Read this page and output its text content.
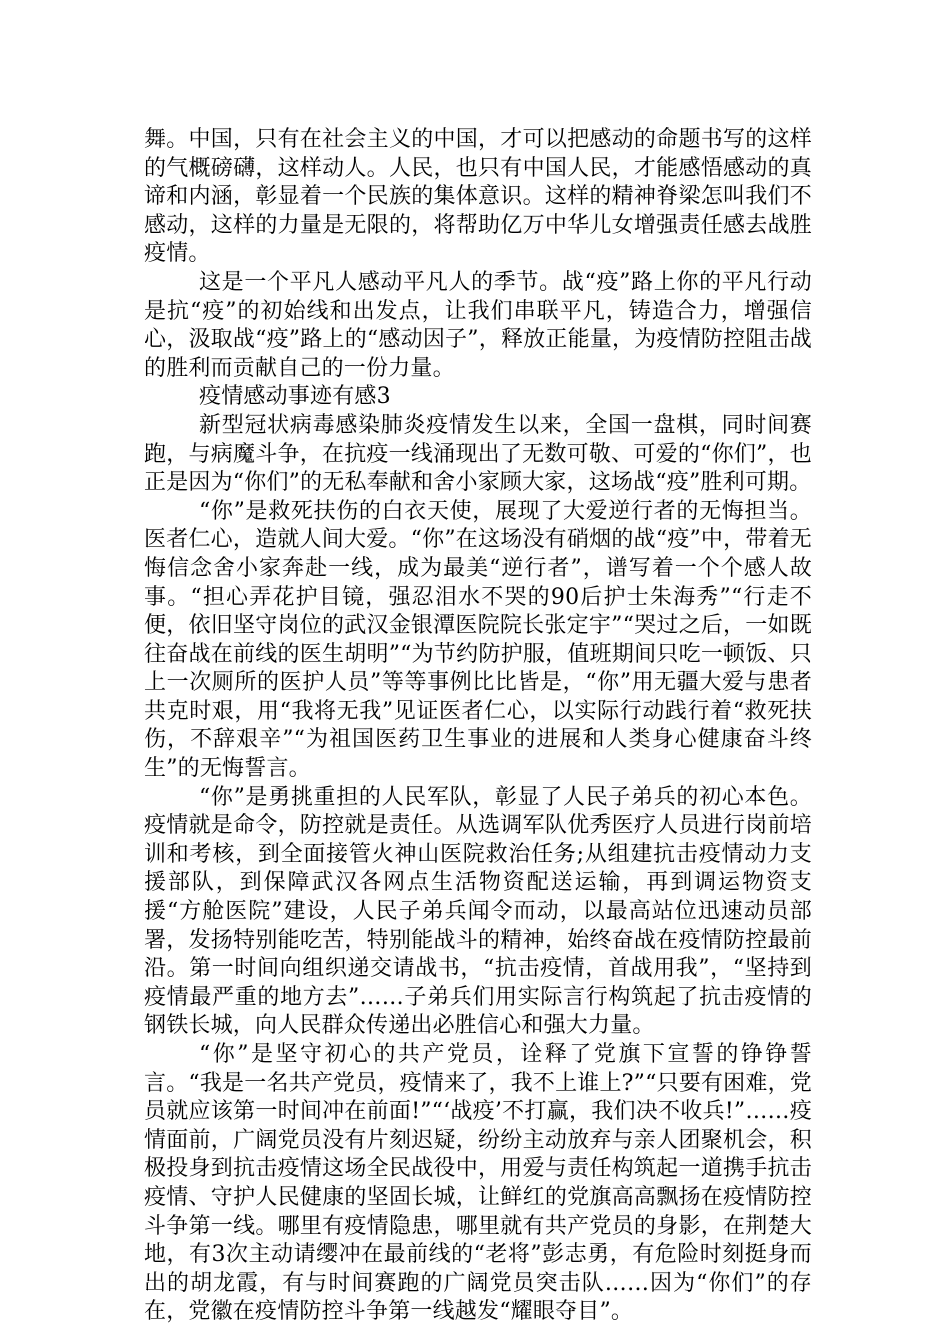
舞。中国，只有在社会主义的中国，才可以把感动的命题书写的这样的气概磅礴，这样动人。人民，也只有中国人民，才能感悟感动的真谛和内涵，彰显着一个民族的集体意识。这样的精神脊梁怎叫我们不感动，这样的力量是无限的，将帮助亿万中华儿女增强责任感去战胜疫情。

这是一个平凡人感动平凡人的季节。战“疫”路上你的平凡行动是抗“疫”的初始线和出发点，让我们串联平凡，铸造合力，增强信心，汲取战“疫”路上的“感动因子”，释放正能量，为疫情防控阻击战的胜利而贡献自己的一份力量。

疫情感动事迹有感3

新型冠状病毒感染肺炎疫情发生以来，全国一盘棋，同时间赛跑，与病魔斗争，在抗疫一线涌现出了无数可敬、可爱的“你们”，也正是因为“你们”的无私奉献和舍小家顾大家，这场战“疫”胜利可期。

“你”是救死扶伤的白衣天使，展现了大爱逆行者的无悔担当。医者仁心，造就人间大爱。“你”在这场没有硝烟的战“疫”中，带着无悔信念舍小家奔赴一线，成为最美“逆行者”，谱写着一个个感人故事。“担心弄花护目镜，强忍泪水不哭的90后护士朱海秀”“行走不便，依旧坚守岗位的武汉金银潭医院院长张定宇”“哭过之后，一如既往奋战在前线的医生胡明”“为节约防护服，值班期间只吃一顿饭、只上一次厕所的医护人员”等等事例比比皆是，“你”用无疆大爱与患者共克时艰，用“我将无我”见证医者仁心，以实际行动践行着“救死扶伤，不辞艰辛”“为祖国医药卫生事业的进展和人类身心健康奋斗终生”的无悔誓言。

“你”是勇挑重担的人民军队，彰显了人民子弟兵的初心本色。疫情就是命令，防控就是责任。从选调军队优秀医疗人员进行岗前培训和考核，到全面接管火神山医院救治任务;从组建抗击疫情动力支援部队，到保障武汉各网点生活物资配送运输，再到调运物资支援“方舱医院”建设，人民子弟兵闻令而动，以最高站位迅速动员部署，发扬特别能吃苦，特别能战斗的精神，始终奋战在疫情防控最前沿。第一时间向组织递交请战书，“抗击疫情，首战用我”，“坚持到疫情最严重的地方去”……子弟兵们用实际言行构筑起了抗击疫情的钢铁长城，向人民群众传递出必胜信心和强大力量。

“你”是坚守初心的共产党员，诠释了党旗下宣誓的铮铮誓言。“我是一名共产党员，疫情来了，我不上谁上?”“只要有困难，党员就应该第一时间冲在前面!”“‘战疫’不打赢，我们决不收兵!”……疫情面前，广阔党员没有片刻迟疑，纷纷主动放弃与亲人团聚机会，积极投身到抗击疫情这场全民战役中，用爱与责任构筑起一道携手抗击疫情、守护人民健康的坚固长城，让鲜红的党旗高高飘扬在疫情防控斗争第一线。哪里有疫情隐患，哪里就有共产党员的身影，在荆楚大地，有3次主动请缨冲在最前线的“老将”彭志勇，有危险时刻挺身而出的胡龙霞，有与时间赛跑的广阔党员突击队……因为“你们”的存在，党徽在疫情防控斗争第一线越发“耀眼夺目”。
